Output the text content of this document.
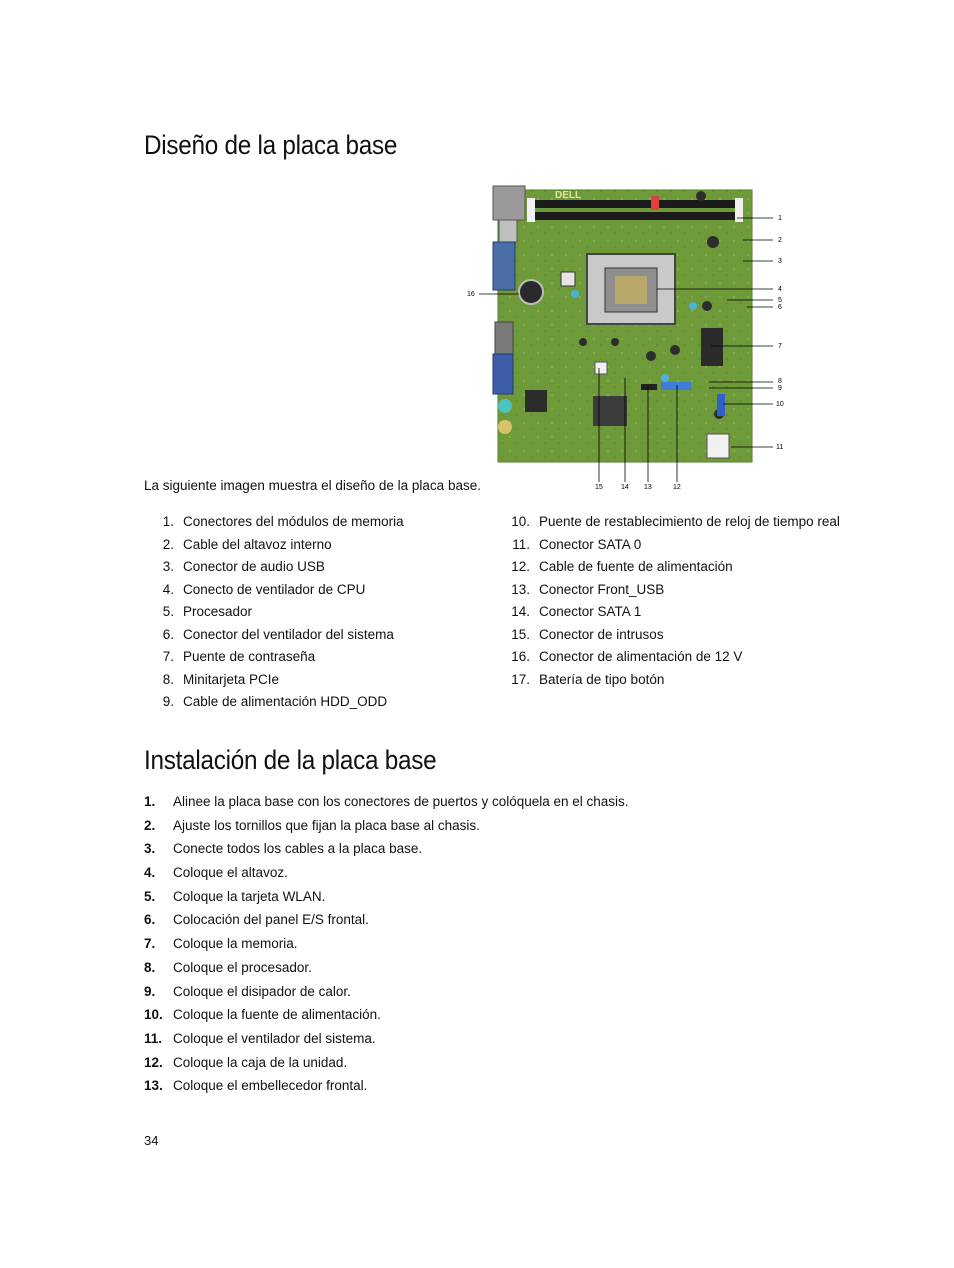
Diseño de la placa base
DELL
1
2
3
4
5
6
7
8
9
10
11
12
13
14
15
16
La siguiente imagen muestra el diseño de la placa base.
1. Conectores del módulos de memoria
2. Cable del altavoz interno
3. Conector de audio USB
4. Conecto de ventilador de CPU
5. Procesador
6. Conector del ventilador del sistema
7. Puente de contraseña
8. Minitarjeta PCIe
9. Cable de alimentación HDD_ODD
10. Puente de restablecimiento de reloj de tiempo real
11. Conector SATA 0
12. Cable de fuente de alimentación
13. Conector Front_USB
14. Conector SATA 1
15. Conector de intrusos
16. Conector de alimentación de 12 V
17. Batería de tipo botón
Instalación de la placa base
1. Alinee la placa base con los conectores de puertos y colóquela en el chasis.
2. Ajuste los tornillos que fijan la placa base al chasis.
3. Conecte todos los cables a la placa base.
4. Coloque el altavoz.
5. Coloque la tarjeta WLAN.
6. Colocación del panel E/S frontal.
7. Coloque la memoria.
8. Coloque el procesador.
9. Coloque el disipador de calor.
10. Coloque la fuente de alimentación.
11. Coloque el ventilador del sistema.
12. Coloque la caja de la unidad.
13. Coloque el embellecedor frontal.
34
